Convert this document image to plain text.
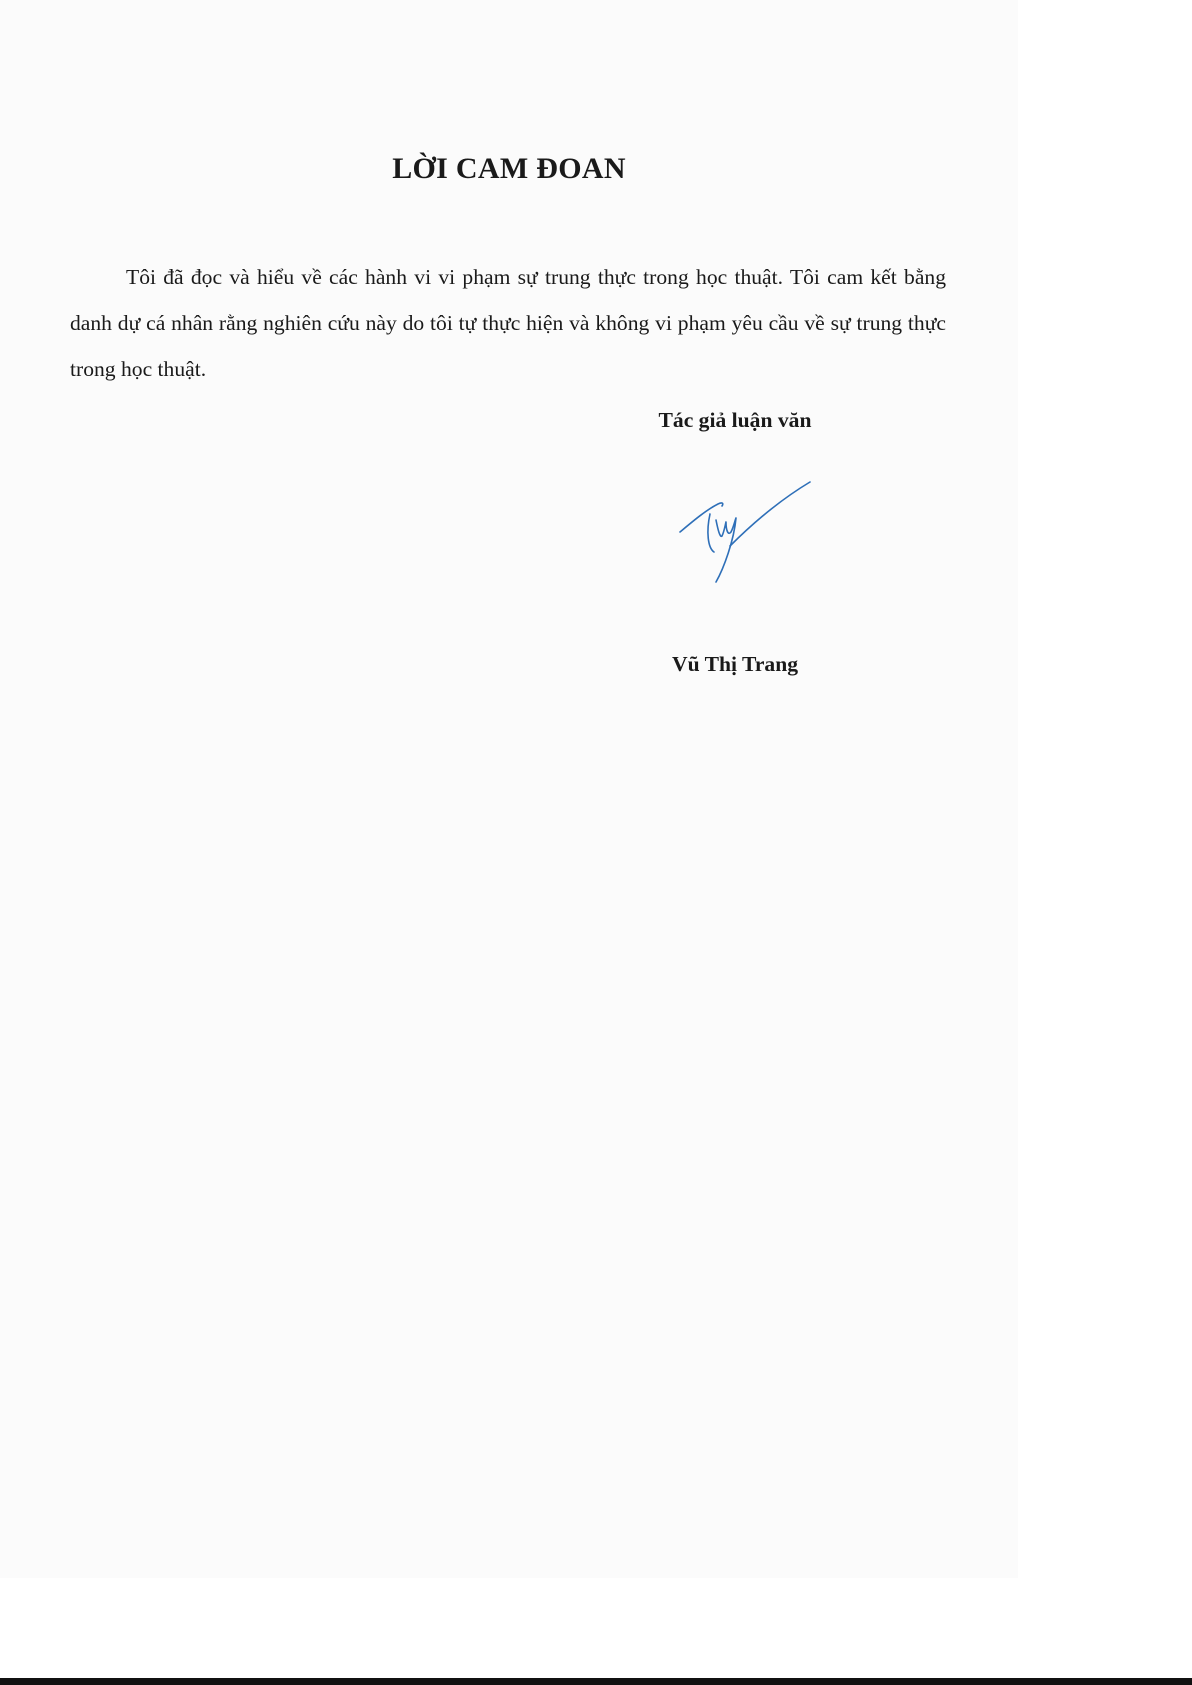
LỜI CAM ĐOAN

Tôi đã đọc và hiểu về các hành vi vi phạm sự trung thực trong học thuật. Tôi cam kết bằng danh dự cá nhân rằng nghiên cứu này do tôi tự thực hiện và không vi phạm yêu cầu về sự trung thực trong học thuật.

Tác giả luận văn

Vũ Thị Trang
